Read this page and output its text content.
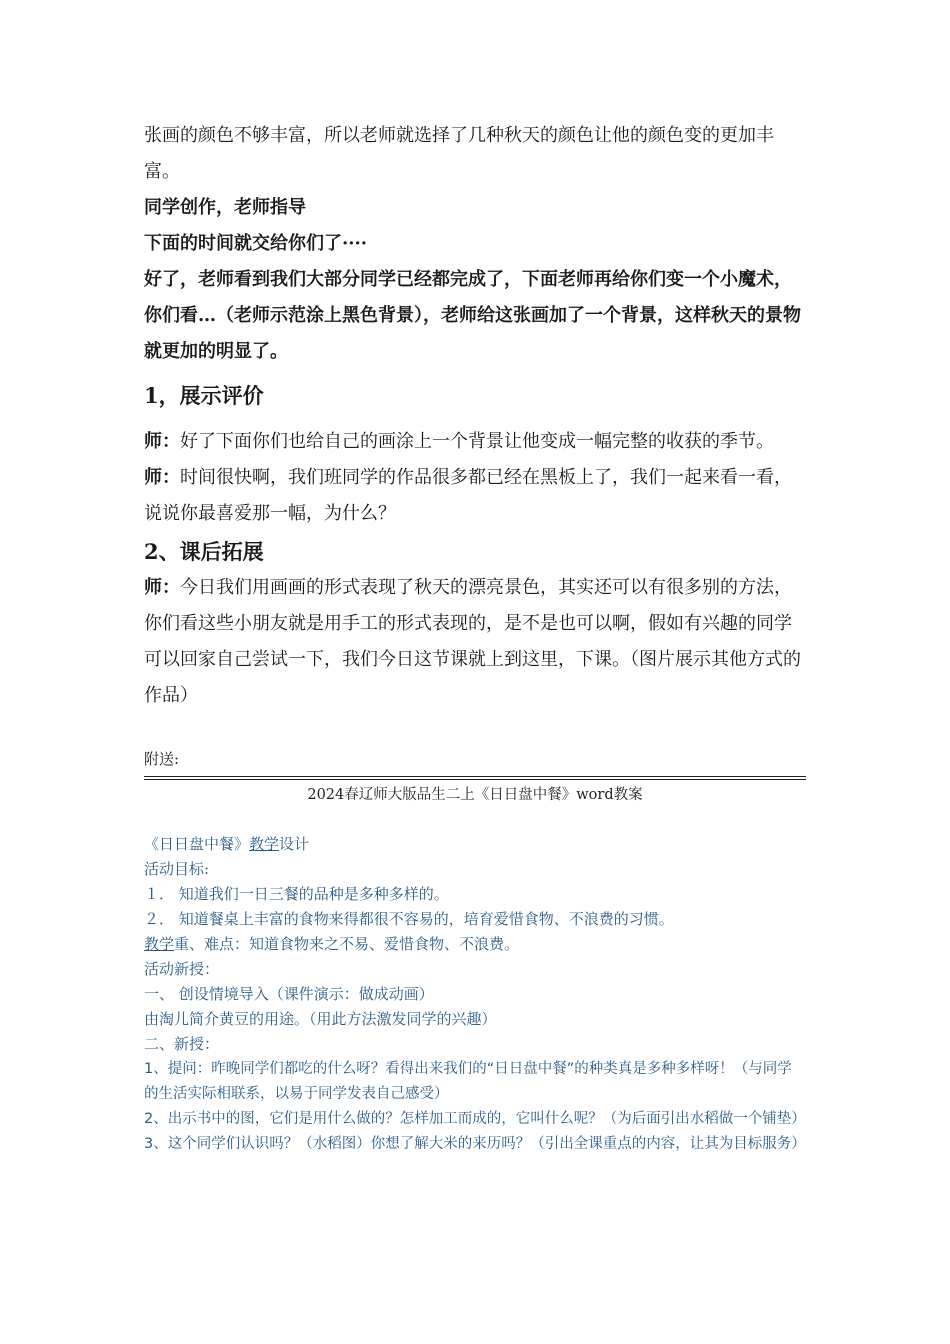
张画的颜色不够丰富，所以老师就选择了几种秋天的颜色让他的颜色变的更加丰富。

同学创作，老师指导

下面的时间就交给你们了····

好了，老师看到我们大部分同学已经都完成了，下面老师再给你们变一个小魔术，你们看…（老师示范涂上黑色背景），老师给这张画加了一个背景，这样秋天的景物就更加的明显了。

1，展示评价

师：好了下面你们也给自己的画涂上一个背景让他变成一幅完整的收获的季节。

师：时间很快啊，我们班同学的作品很多都已经在黑板上了，我们一起来看一看，说说你最喜爱那一幅，为什么？

2、课后拓展

师：今日我们用画画的形式表现了秋天的漂亮景色，其实还可以有很多别的方法，你们看这些小朋友就是用手工的形式表现的，是不是也可以啊，假如有兴趣的同学可以回家自己尝试一下，我们今日这节课就上到这里，下课。（图片展示其他方式的作品）

附送:

2024春辽师大版品生二上《日日盘中餐》word教案

《日日盘中餐》教学设计

活动目标:

１． 知道我们一日三餐的品种是多种多样的。

２． 知道餐桌上丰富的食物来得都很不容易的，培育爱惜食物、不浪费的习惯。

教学重、难点：知道食物来之不易、爱惜食物、不浪费。

活动新授：

一、 创设情境导入（课件演示：做成动画）

由淘儿简介黄豆的用途。（用此方法激发同学的兴趣）

二、新授：

1、提问：昨晚同学们都吃的什么呀？看得出来我们的“日日盘中餐”的种类真是多种多样呀！（与同学的生活实际相联系，以易于同学发表自己感受）

2、出示书中的图，它们是用什么做的？怎样加工而成的，它叫什么呢？（为后面引出水稻做一个铺垫）

3、这个同学们认识吗？（水稻图）你想了解大米的来历吗？（引出全课重点的内容，让其为目标服务）
